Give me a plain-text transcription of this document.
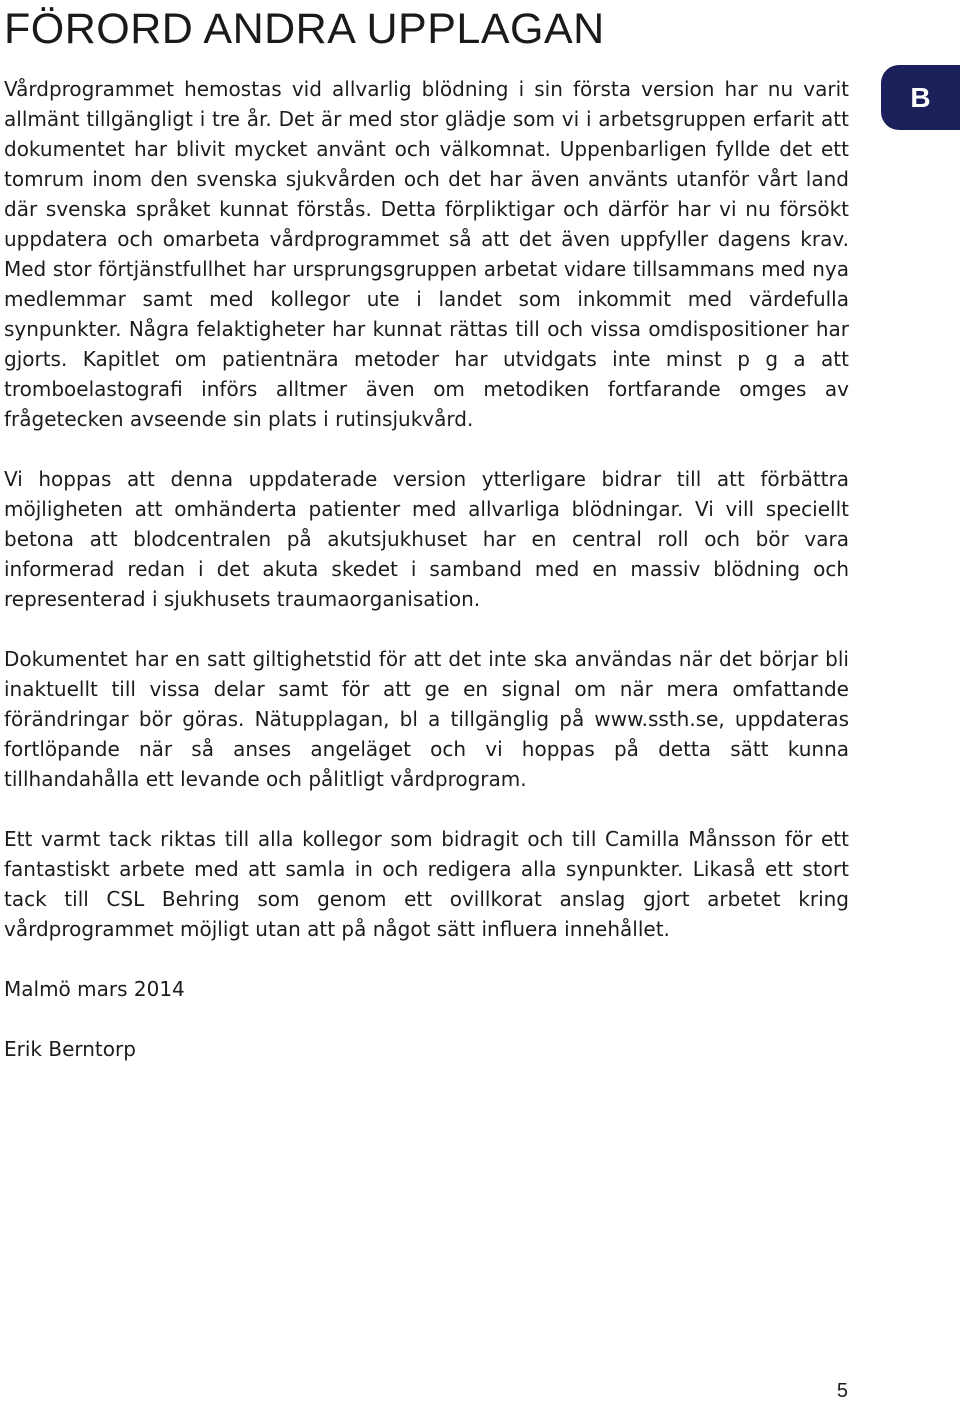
FÖRORD ANDRA UPPLAGAN
B

Vårdprogrammet hemostas vid allvarlig blödning i sin första version har nu varit allmänt tillgängligt i tre år. Det är med stor glädje som vi i arbetsgruppen erfarit att dokumentet har blivit mycket använt och välkomnat. Uppenbarligen fyllde det ett tomrum inom den svenska sjukvården och det har även använts utanför vårt land där svenska språket kunnat förstås. Detta förpliktigar och därför har vi nu försökt uppdatera och omarbeta vårdprogrammet så att det även uppfyller dagens krav. Med stor förtjänstfullhet har ursprungsgruppen arbetat vidare tillsammans med nya medlemmar samt med kollegor ute i landet som inkommit med värdefulla synpunkter. Några felaktigheter har kunnat rättas till och vissa omdispositioner har gjorts. Kapitlet om patientnära metoder har utvidgats inte minst p g a att tromboelastografi införs alltmer även om metodiken fortfarande omges av frågetecken avseende sin plats i rutinsjukvård.

Vi hoppas att denna uppdaterade version ytterligare bidrar till att förbättra möjligheten att omhänderta patienter med allvarliga blödningar. Vi vill speciellt betona att blodcentralen på akutsjukhuset har en central roll och bör vara informerad redan i det akuta skedet i samband med en massiv blödning och representerad i sjukhusets traumaorganisation.

Dokumentet har en satt giltighetstid för att det inte ska användas när det börjar bli inaktuellt till vissa delar samt för att ge en signal om när mera omfattande förändringar bör göras. Nätupplagan, bl a tillgänglig på www.ssth.se, uppdateras fortlöpande när så anses angeläget och vi hoppas på detta sätt kunna tillhandahålla ett levande och pålitligt vårdprogram.

Ett varmt tack riktas till alla kollegor som bidragit och till Camilla Månsson för ett fantastiskt arbete med att samla in och redigera alla synpunkter. Likaså ett stort tack till CSL Behring som genom ett ovillkorat anslag gjort arbetet kring vårdprogrammet möjligt utan att på något sätt influera innehållet.

Malmö mars 2014

Erik Berntorp

5
